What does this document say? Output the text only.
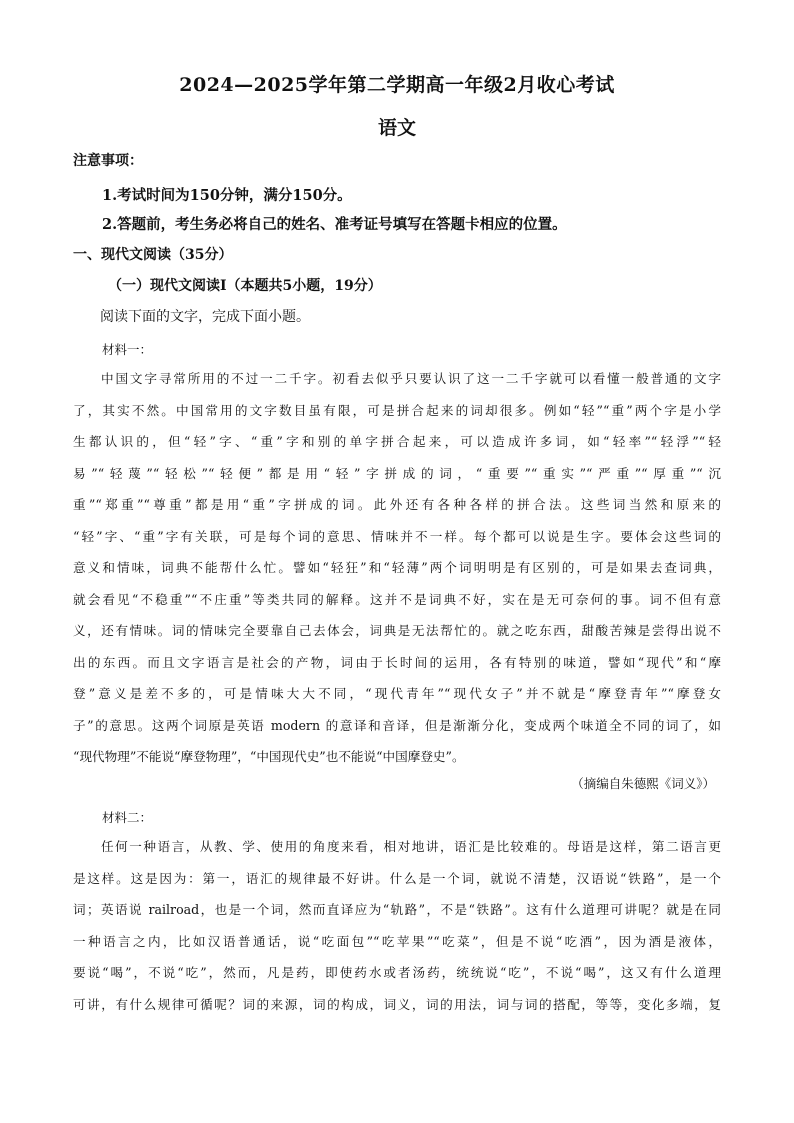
2024—2025学年第二学期高一年级2月收心考试
语文
注意事项：
1.考试时间为150分钟，满分150分。
2.答题前，考生务必将自己的姓名、准考证号填写在答题卡相应的位置。
一、现代文阅读（35分）
（一）现代文阅读Ⅰ（本题共5小题，19分）
阅读下面的文字，完成下面小题。
材料一：
中国文字寻常所用的不过一二千字。初看去似乎只要认识了这一二千字就可以看懂一般普通的文字
了，其实不然。中国常用的文字数目虽有限，可是拼合起来的词却很多。例如“轻”“重”两个字是小学
生都认识的，但“轻”字、“重”字和别的单字拼合起来，可以造成许多词，如“轻率”“轻浮”“轻
易”“轻蔑”“轻松”“轻便”都是用“轻”字拼成的词，“重要”“重实”“严重”“厚重”“沉
重”“郑重”“尊重”都是用“重”字拼成的词。此外还有各种各样的拼合法。这些词当然和原来的
“轻”字、“重”字有关联，可是每个词的意思、情味并不一样。每个都可以说是生字。要体会这些词的
意义和情味，词典不能帮什么忙。譬如“轻狂”和“轻薄”两个词明明是有区别的，可是如果去查词典，
就会看见“不稳重”“不庄重”等类共同的解释。这并不是词典不好，实在是无可奈何的事。词不但有意
义，还有情味。词的情味完全要靠自己去体会，词典是无法帮忙的。就之吃东西，甜酸苦辣是尝得出说不
出的东西。而且文字语言是社会的产物，词由于长时间的运用，各有特别的味道，譬如“现代”和“摩
登”意义是差不多的，可是情味大大不同，“现代青年”“现代女子”并不就是“摩登青年”“摩登女
子”的意思。这两个词原是英语 modern 的意译和音译，但是渐渐分化，变成两个味道全不同的词了，如
“现代物理”不能说“摩登物理”，“中国现代史”也不能说“中国摩登史”。
（摘编自朱德熙《词义》）
材料二：
任何一种语言，从教、学、使用的角度来看，相对地讲，语汇是比较难的。母语是这样，第二语言更
是这样。这是因为：第一，语汇的规律最不好讲。什么是一个词，就说不清楚，汉语说“铁路”，是一个
词；英语说 railroad，也是一个词，然而直译应为“轨路”，不是“铁路”。这有什么道理可讲呢？就是在同
一种语言之内，比如汉语普通话，说“吃面包”“吃苹果”“吃菜”，但是不说“吃酒”，因为酒是液体，
要说“喝”，不说“吃”，然而，凡是药，即使药水或者汤药，统统说“吃”，不说“喝”，这又有什么道理
可讲，有什么规律可循呢？词的来源，词的构成，词义，词的用法，词与词的搭配，等等，变化多端，复
